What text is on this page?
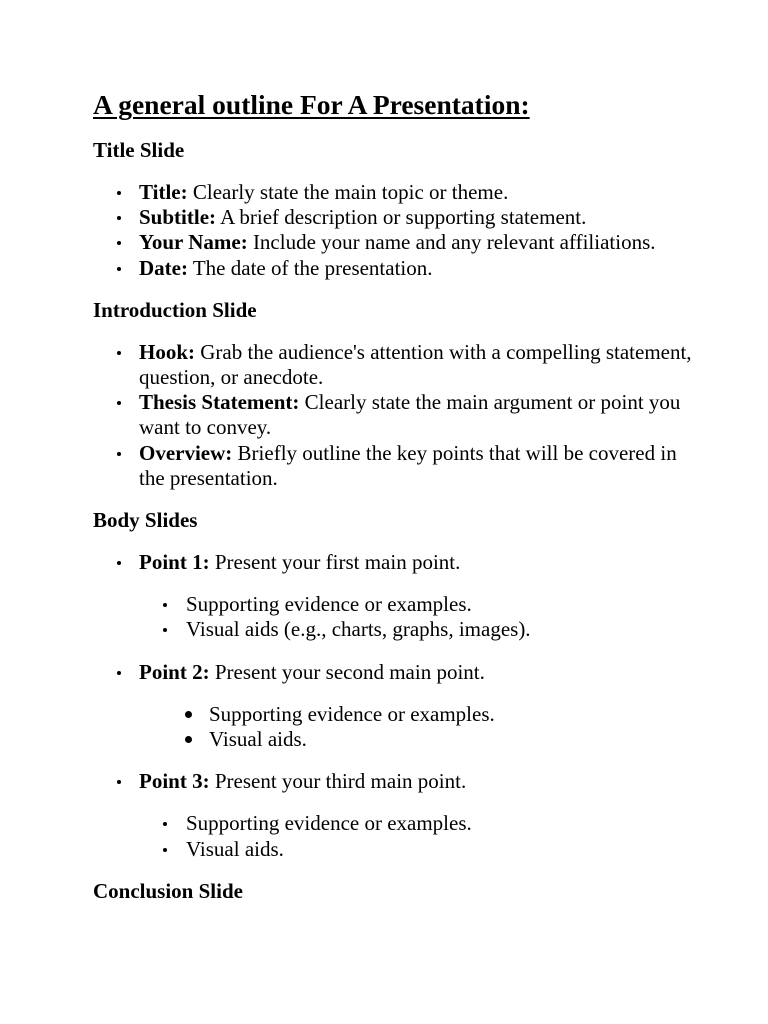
A general outline For A Presentation:
Title Slide
Title: Clearly state the main topic or theme.
Subtitle: A brief description or supporting statement.
Your Name: Include your name and any relevant affiliations.
Date: The date of the presentation.
Introduction Slide
Hook: Grab the audience's attention with a compelling statement, question, or anecdote.
Thesis Statement: Clearly state the main argument or point you want to convey.
Overview: Briefly outline the key points that will be covered in the presentation.
Body Slides
Point 1: Present your first main point.
Supporting evidence or examples.
Visual aids (e.g., charts, graphs, images).
Point 2: Present your second main point.
Supporting evidence or examples.
Visual aids.
Point 3: Present your third main point.
Supporting evidence or examples.
Visual aids.
Conclusion Slide
